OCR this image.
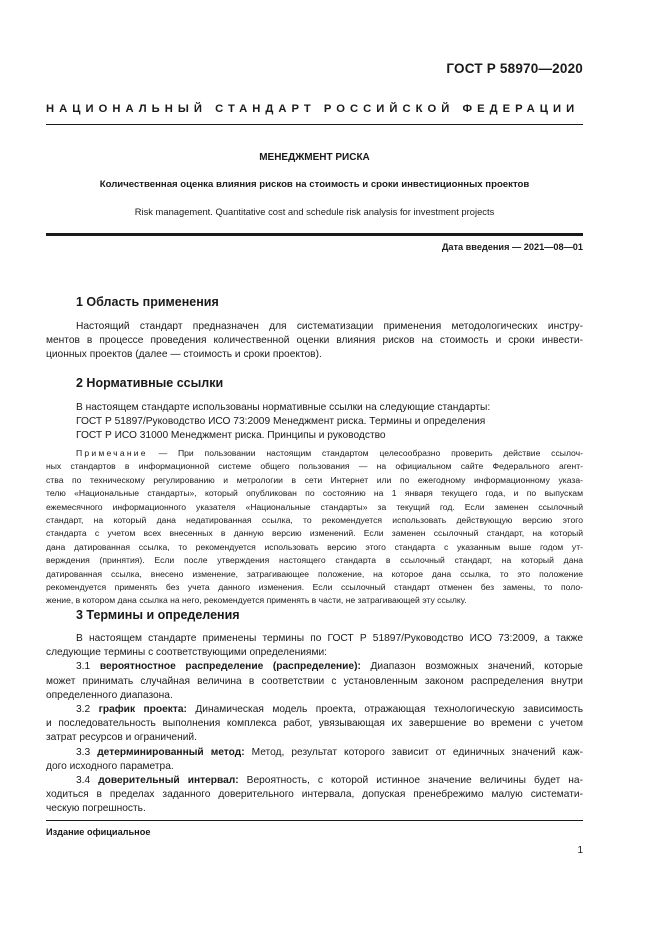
ГОСТ Р 58970—2020
НАЦИОНАЛЬНЫЙ СТАНДАРТ РОССИЙСКОЙ ФЕДЕРАЦИИ
МЕНЕДЖМЕНТ РИСКА
Количественная оценка влияния рисков на стоимость и сроки инвестиционных проектов
Risk management. Quantitative cost and schedule risk analysis for investment projects
Дата введения — 2021—08—01
1 Область применения
Настоящий стандарт предназначен для систематизации применения методологических инстру-
ментов в процессе проведения количественной оценки влияния рисков на стоимость и сроки инвести-
ционных проектов (далее — стоимость и сроки проектов).
2 Нормативные ссылки
В настоящем стандарте использованы нормативные ссылки на следующие стандарты:
ГОСТ Р 51897/Руководство ИСО 73:2009 Менеджмент риска. Термины и определения
ГОСТ Р ИСО 31000 Менеджмент риска. Принципы и руководство
Примечание — При пользовании настоящим стандартом целесообразно проверить действие ссылоч-
ных стандартов в информационной системе общего пользования — на официальном сайте Федерального агент-
ства по техническому регулированию и метрологии в сети Интернет или по ежегодному информационному указа-
телю «Национальные стандарты», который опубликован по состоянию на 1 января текущего года, и по выпускам
ежемесячного информационного указателя «Национальные стандарты» за текущий год. Если заменен ссылочный
стандарт, на который дана недатированная ссылка, то рекомендуется использовать действующую версию этого
стандарта с учетом всех внесенных в данную версию изменений. Если заменен ссылочный стандарт, на который
дана датированная ссылка, то рекомендуется использовать версию этого стандарта с указанным выше годом ут-
верждения (принятия). Если после утверждения настоящего стандарта в ссылочный стандарт, на который дана
датированная ссылка, внесено изменение, затрагивающее положение, на которое дана ссылка, то это положение
рекомендуется применять без учета данного изменения. Если ссылочный стандарт отменен без замены, то поло-
жение, в котором дана ссылка на него, рекомендуется применять в части, не затрагивающей эту ссылку.
3 Термины и определения
В настоящем стандарте применены термины по ГОСТ Р 51897/Руководство ИСО 73:2009, а также
следующие термины с соответствующими определениями:
3.1 вероятностное распределение (распределение): Диапазон возможных значений, которые
может принимать случайная величина в соответствии с установленным законом распределения внутри
определенного диапазона.
3.2 график проекта: Динамическая модель проекта, отражающая технологическую зависимость
и последовательность выполнения комплекса работ, увязывающая их завершение во времени с учетом
затрат ресурсов и ограничений.
3.3 детерминированный метод: Метод, результат которого зависит от единичных значений каж-
дого исходного параметра.
3.4 доверительный интервал: Вероятность, с которой истинное значение величины будет на-
ходиться в пределах заданного доверительного интервала, допуская пренебрежимо малую системати-
ческую погрешность.
Издание официальное
1
